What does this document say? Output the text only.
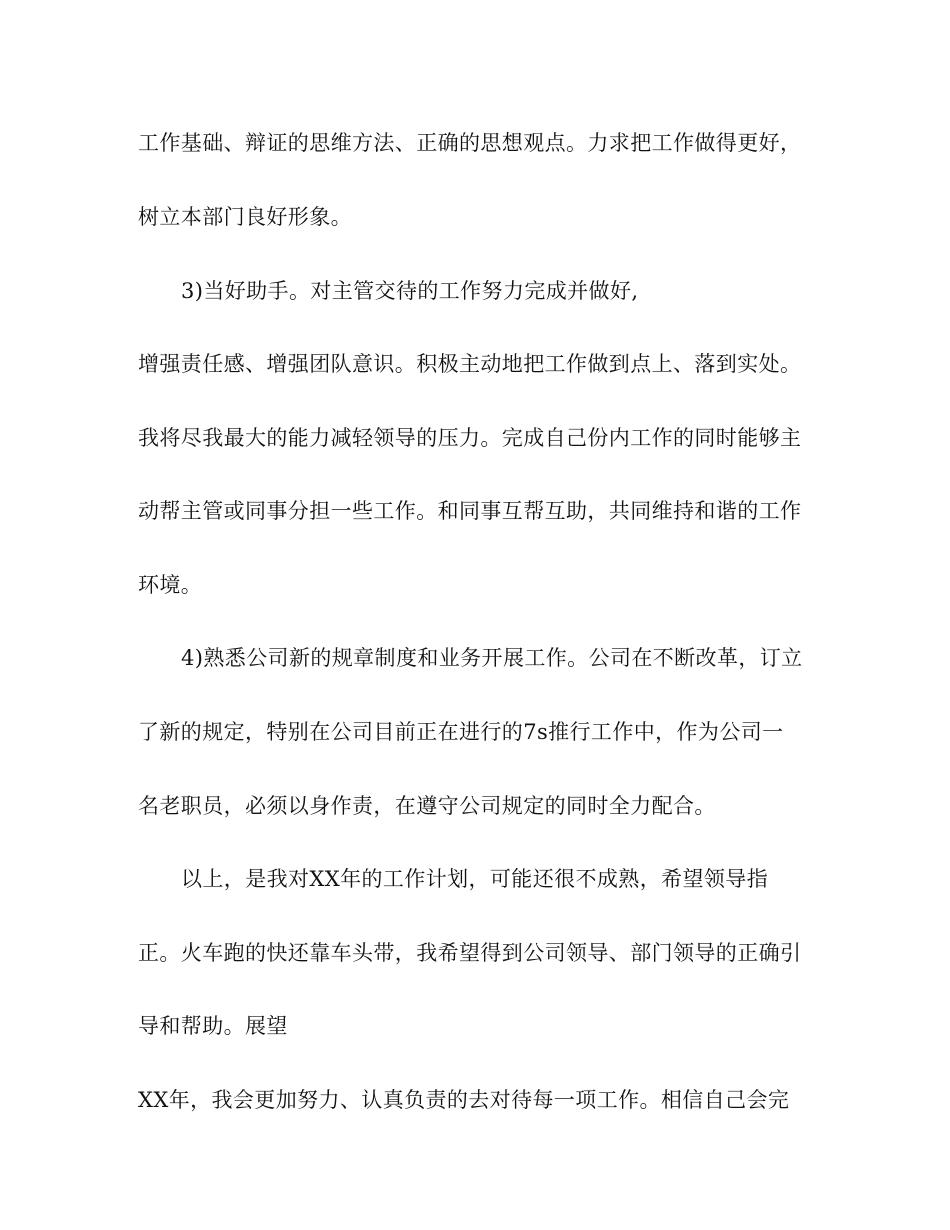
工作基础、辩证的思维方法、正确的思想观点。力求把工作做得更好，
树立本部门良好形象。
3)当好助手。对主管交待的工作努力完成并做好,
增强责任感、增强团队意识。积极主动地把工作做到点上、落到实处。
我将尽我最大的能力减轻领导的压力。完成自己份内工作的同时能够主
动帮主管或同事分担一些工作。和同事互帮互助，共同维持和谐的工作
环境。
4)熟悉公司新的规章制度和业务开展工作。公司在不断改革，订立
了新的规定，特别在公司目前正在进行的7s推行工作中，作为公司一
名老职员，必须以身作责，在遵守公司规定的同时全力配合。
以上，是我对XX年的工作计划，可能还很不成熟，希望领导指
正。火车跑的快还靠车头带，我希望得到公司领导、部门领导的正确引
导和帮助。展望
XX年，我会更加努力、认真负责的去对待每一项工作。相信自己会完
